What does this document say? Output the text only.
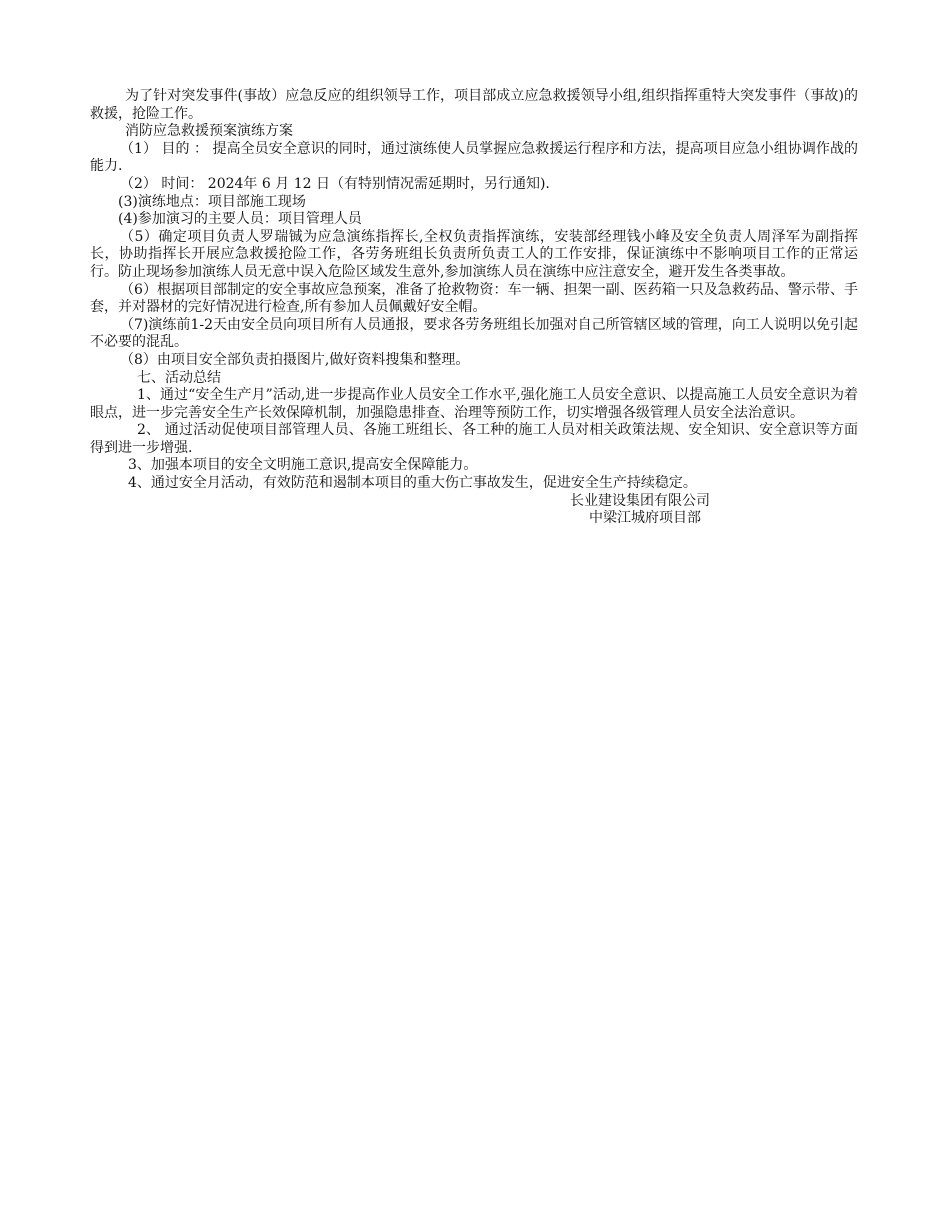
为了针对突发事件(事故）应急反应的组织领导工作，项目部成立应急救援领导小组,组织指挥重特大突发事件（事故)的救援，抢险工作。

消防应急救援预案演练方案

（1） 目的 ： 提高全员安全意识的同时，通过演练使人员掌握应急救援运行程序和方法，提高项目应急小组协调作战的能力.

（2） 时间： 2024年 6 月 12 日（有特别情况需延期时，另行通知).

(3)演练地点：项目部施工现场

(4)参加演习的主要人员：项目管理人员

（5）确定项目负责人罗瑞铖为应急演练指挥长,全权负责指挥演练，安装部经理钱小峰及安全负责人周泽军为副指挥长，协助指挥长开展应急救援抢险工作，各劳务班组长负责所负责工人的工作安排，保证演练中不影响项目工作的正常运行。防止现场参加演练人员无意中误入危险区域发生意外,参加演练人员在演练中应注意安全，避开发生各类事故。

（6）根据项目部制定的安全事故应急预案，准备了抢救物资：车一辆、担架一副、医药箱一只及急救药品、警示带、手套，并对器材的完好情况进行检查,所有参加人员佩戴好安全帽。

（7)演练前1-2天由安全员向项目所有人员通报，要求各劳务班组长加强对自己所管辖区域的管理，向工人说明以免引起不必要的混乱。

（8）由项目安全部负责拍摄图片,做好资料搜集和整理。

七、活动总结

1、通过“安全生产月”活动,进一步提高作业人员安全工作水平,强化施工人员安全意识、以提高施工人员安全意识为着眼点，进一步完善安全生产长效保障机制，加强隐患排查、治理等预防工作，切实增强各级管理人员安全法治意识。

2、 通过活动促使项目部管理人员、各施工班组长、各工种的施工人员对相关政策法规、安全知识、安全意识等方面得到进一步增强.

3、加强本项目的安全文明施工意识,提高安全保障能力。

4、通过安全月活动，有效防范和遏制本项目的重大伤亡事故发生，促进安全生产持续稳定。

长业建设集团有限公司

中梁江城府项目部
